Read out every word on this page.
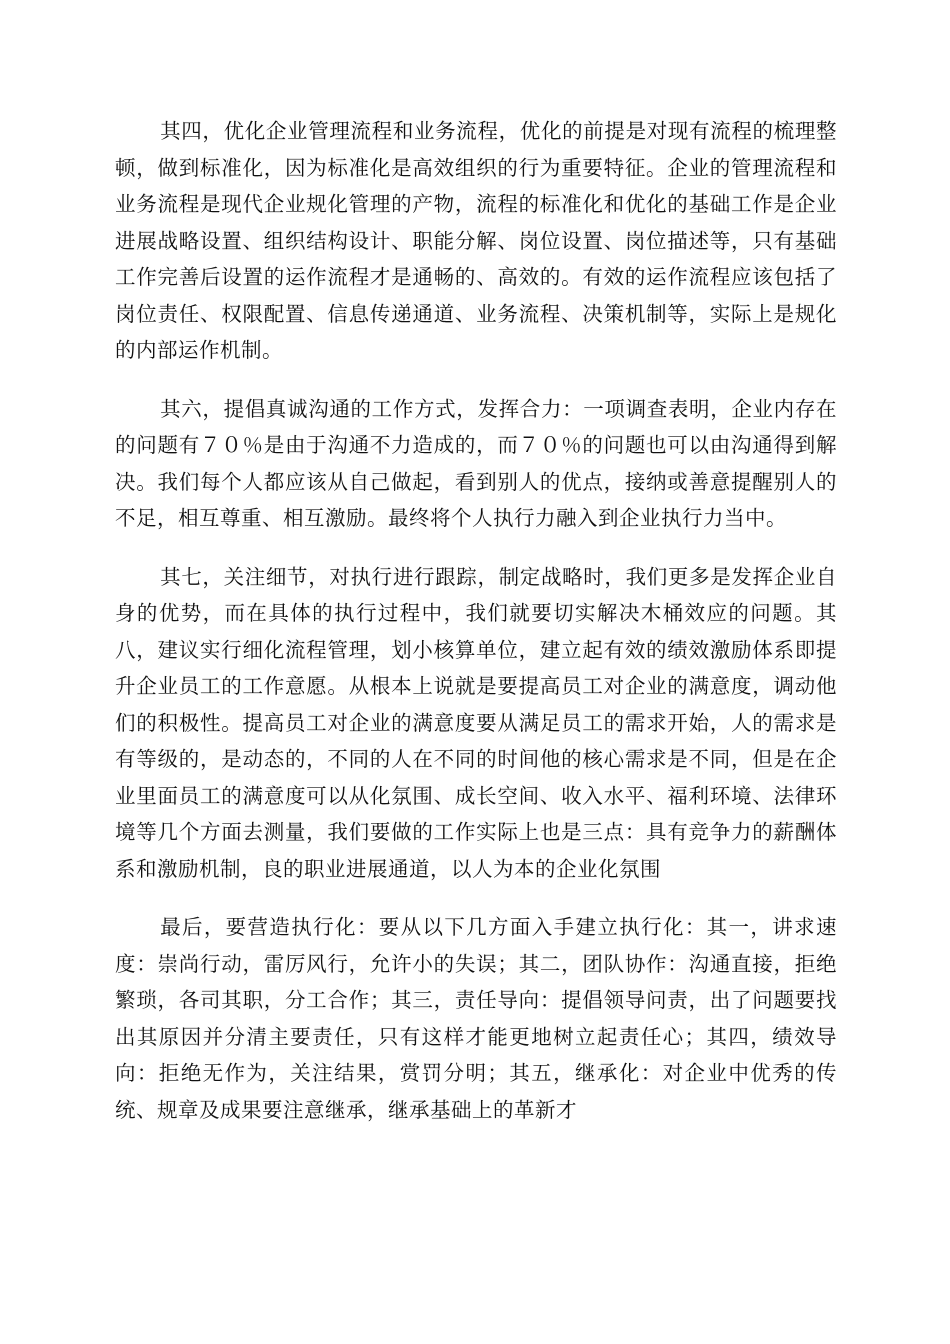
其四，优化企业管理流程和业务流程，优化的前提是对现有流程的梳理整顿，做到标准化，因为标准化是高效组织的行为重要特征。企业的管理流程和业务流程是现代企业规化管理的产物，流程的标准化和优化的基础工作是企业进展战略设置、组织结构设计、职能分解、岗位设置、岗位描述等，只有基础工作完善后设置的运作流程才是通畅的、高效的。有效的运作流程应该包括了岗位责任、权限配置、信息传递通道、业务流程、决策机制等，实际上是规化的内部运作机制。

其六，提倡真诚沟通的工作方式，发挥合力：一项调查表明，企业内存在的问题有７０％是由于沟通不力造成的，而７０％的问题也可以由沟通得到解决。我们每个人都应该从自己做起，看到别人的优点，接纳或善意提醒别人的不足，相互尊重、相互激励。最终将个人执行力融入到企业执行力当中。

其七，关注细节，对执行进行跟踪，制定战略时，我们更多是发挥企业自身的优势，而在具体的执行过程中，我们就要切实解决木桶效应的问题。其八，建议实行细化流程管理，划小核算单位，建立起有效的绩效激励体系即提升企业员工的工作意愿。从根本上说就是要提高员工对企业的满意度，调动他们的积极性。提高员工对企业的满意度要从满足员工的需求开始，人的需求是有等级的，是动态的，不同的人在不同的时间他的核心需求是不同，但是在企业里面员工的满意度可以从化氛围、成长空间、收入水平、福利环境、法律环境等几个方面去测量，我们要做的工作实际上也是三点：具有竞争力的薪酬体系和激励机制，良的职业进展通道，以人为本的企业化氛围

最后，要营造执行化：要从以下几方面入手建立执行化：其一，讲求速度：崇尚行动，雷厉风行，允许小的失误；其二，团队协作：沟通直接，拒绝繁琐，各司其职，分工合作；其三，责任导向：提倡领导问责，出了问题要找出其原因并分清主要责任，只有这样才能更地树立起责任心；其四，绩效导向：拒绝无作为，关注结果，赏罚分明；其五，继承化：对企业中优秀的传统、规章及成果要注意继承，继承基础上的革新才
